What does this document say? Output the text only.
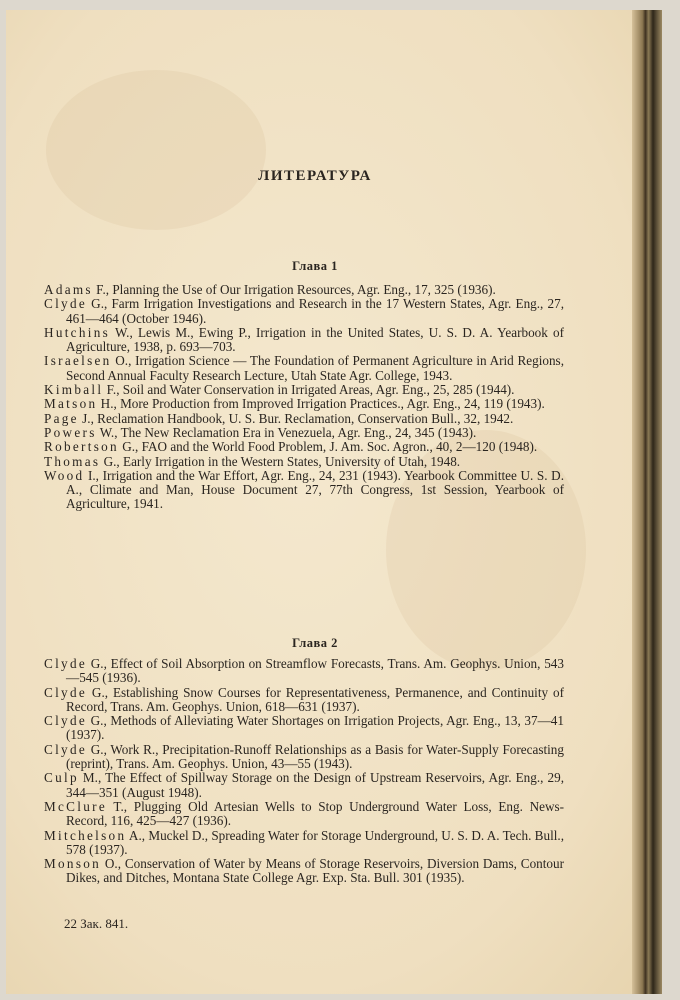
ЛИТЕРАТУРА
Глава 1
Adams F., Planning the Use of Our Irrigation Resources, Agr. Eng., 17, 325 (1936).
Clyde G., Farm Irrigation Investigations and Research in the 17 Western States, Agr. Eng., 27, 461—464 (October 1946).
Hutchins W., Lewis M., Ewing P., Irrigation in the United States, U. S. D. A. Yearbook of Agriculture, 1938, p. 693—703.
Israelsen O., Irrigation Science — The Foundation of Permanent Agriculture in Arid Regions, Second Annual Faculty Research Lecture, Utah State Agr. College, 1943.
Kimball F., Soil and Water Conservation in Irrigated Areas, Agr. Eng., 25, 285 (1944).
Matson H., More Production from Improved Irrigation Practices., Agr. Eng., 24, 119 (1943).
Page J., Reclamation Handbook, U. S. Bur. Reclamation, Conservation Bull., 32, 1942.
Powers W., The New Reclamation Era in Venezuela, Agr. Eng., 24, 345 (1943).
Robertson G., FAO and the World Food Problem, J. Am. Soc. Agron., 40, 2—120 (1948).
Thomas G., Early Irrigation in the Western States, University of Utah, 1948.
Wood I., Irrigation and the War Effort, Agr. Eng., 24, 231 (1943). Yearbook Committee U. S. D. A., Climate and Man, House Document 27, 77th Congress, 1st Session, Yearbook of Agriculture, 1941.
Глава 2
Clyde G., Effect of Soil Absorption on Streamflow Forecasts, Trans. Am. Geophys. Union, 543—545 (1936).
Clyde G., Establishing Snow Courses for Representativeness, Permanence, and Continuity of Record, Trans. Am. Geophys. Union, 618—631 (1937).
Clyde G., Methods of Alleviating Water Shortages on Irrigation Projects, Agr. Eng., 13, 37—41 (1937).
Clyde G., Work R., Precipitation-Runoff Relationships as a Basis for Water-Supply Forecasting (reprint), Trans. Am. Geophys. Union, 43—55 (1943).
Culp M., The Effect of Spillway Storage on the Design of Upstream Reservoirs, Agr. Eng., 29, 344—351 (August 1948).
McClure T., Plugging Old Artesian Wells to Stop Underground Water Loss, Eng. News-Record, 116, 425—427 (1936).
Mitchelson A., Muckel D., Spreading Water for Storage Underground, U. S. D. A. Tech. Bull., 578 (1937).
Monson O., Conservation of Water by Means of Storage Reservoirs, Diversion Dams, Contour Dikes, and Ditches, Montana State College Agr. Exp. Sta. Bull. 301 (1935).
22 Зак. 841.
